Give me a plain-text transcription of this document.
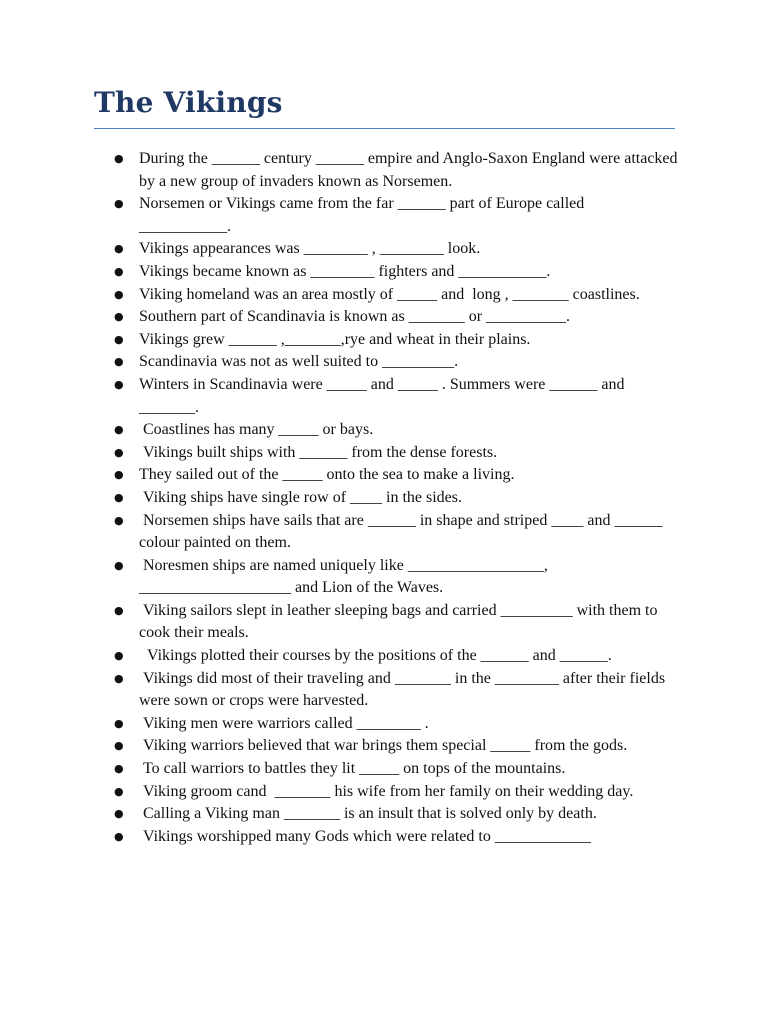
The Vikings
● During the ______ century ______ empire and Anglo-Saxon England were attacked by a new group of invaders known as Norsemen.
● Norsemen or Vikings came from the far ______ part of Europe called ___________.
● Vikings appearances was ________ , ________ look.
● Vikings became known as ________ fighters and ___________.
● Viking homeland was an area mostly of _____ and  long , _______ coastlines.
● Southern part of Scandinavia is known as _______ or __________.
● Vikings grew ______ ,_______,rye and wheat in their plains.
● Scandinavia was not as well suited to _________.
● Winters in Scandinavia were _____ and _____ . Summers were ______ and _______.
● Coastlines has many _____ or bays.
● Vikings built ships with ______ from the dense forests.
● They sailed out of the _____ onto the sea to make a living.
● Viking ships have single row of ____ in the sides.
● Norsemen ships have sails that are ______ in shape and striped ____ and ______  colour painted on them.
● Noresmen ships are named uniquely like _________________, ___________________ and Lion of the Waves.
● Viking sailors slept in leather sleeping bags and carried _________ with them to cook their meals.
● Vikings plotted their courses by the positions of the ______ and ______.
● Vikings did most of their traveling and _______ in the ________ after their fields were sown or crops were harvested.
● Viking men were warriors called ________ .
● Viking warriors believed that war brings them special _____ from the gods.
● To call warriors to battles they lit _____ on tops of the mountains.
● Viking groom cand  _______ his wife from her family on their wedding day.
● Calling a Viking man _______ is an insult that is solved only by death.
● Vikings worshipped many Gods which were related to ____________
